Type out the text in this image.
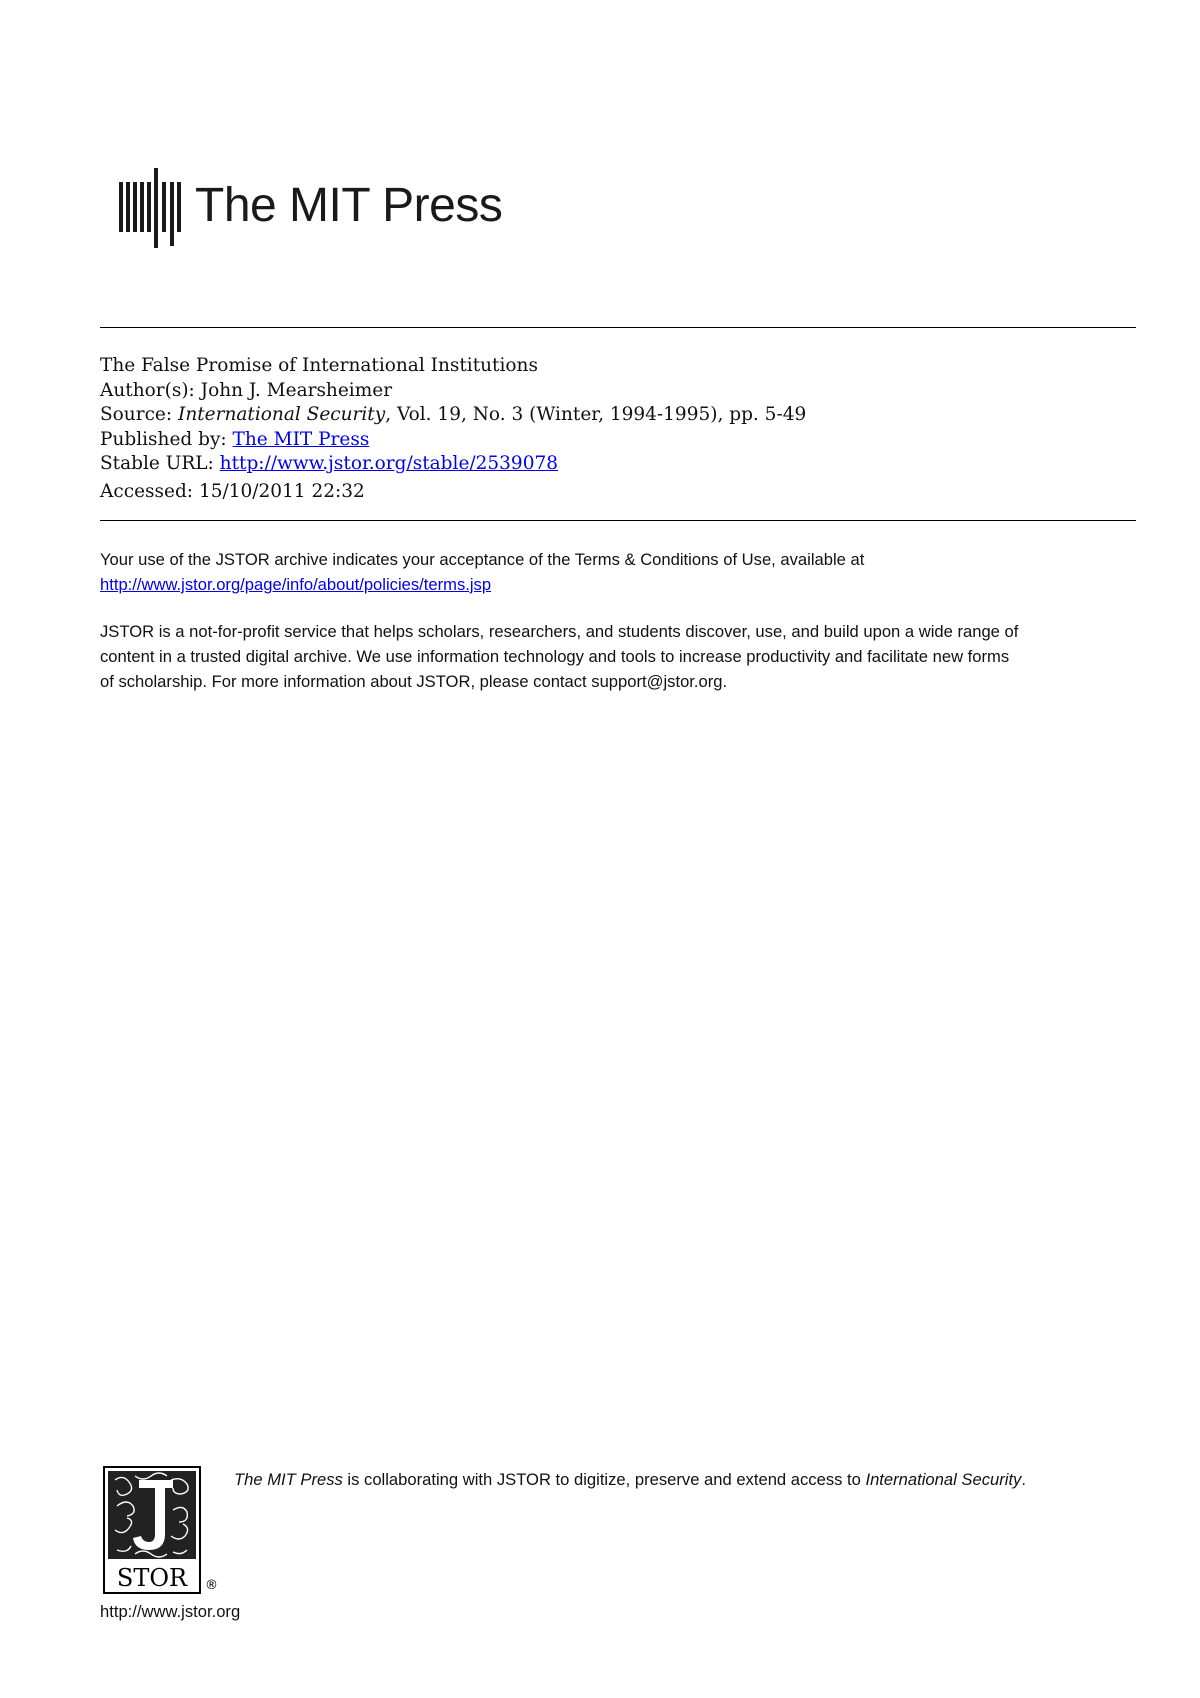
The MIT Press
The False Promise of International Institutions
Author(s): John J. Mearsheimer
Source: International Security, Vol. 19, No. 3 (Winter, 1994-1995), pp. 5-49
Published by: The MIT Press
Stable URL: http://www.jstor.org/stable/2539078
Accessed: 15/10/2011 22:32
Your use of the JSTOR archive indicates your acceptance of the Terms & Conditions of Use, available at
http://www.jstor.org/page/info/about/policies/terms.jsp
JSTOR is a not-for-profit service that helps scholars, researchers, and students discover, use, and build upon a wide range of
content in a trusted digital archive. We use information technology and tools to increase productivity and facilitate new forms
of scholarship. For more information about JSTOR, please contact support@jstor.org.
The MIT Press is collaborating with JSTOR to digitize, preserve and extend access to International Security.
STOR ®
http://www.jstor.org
